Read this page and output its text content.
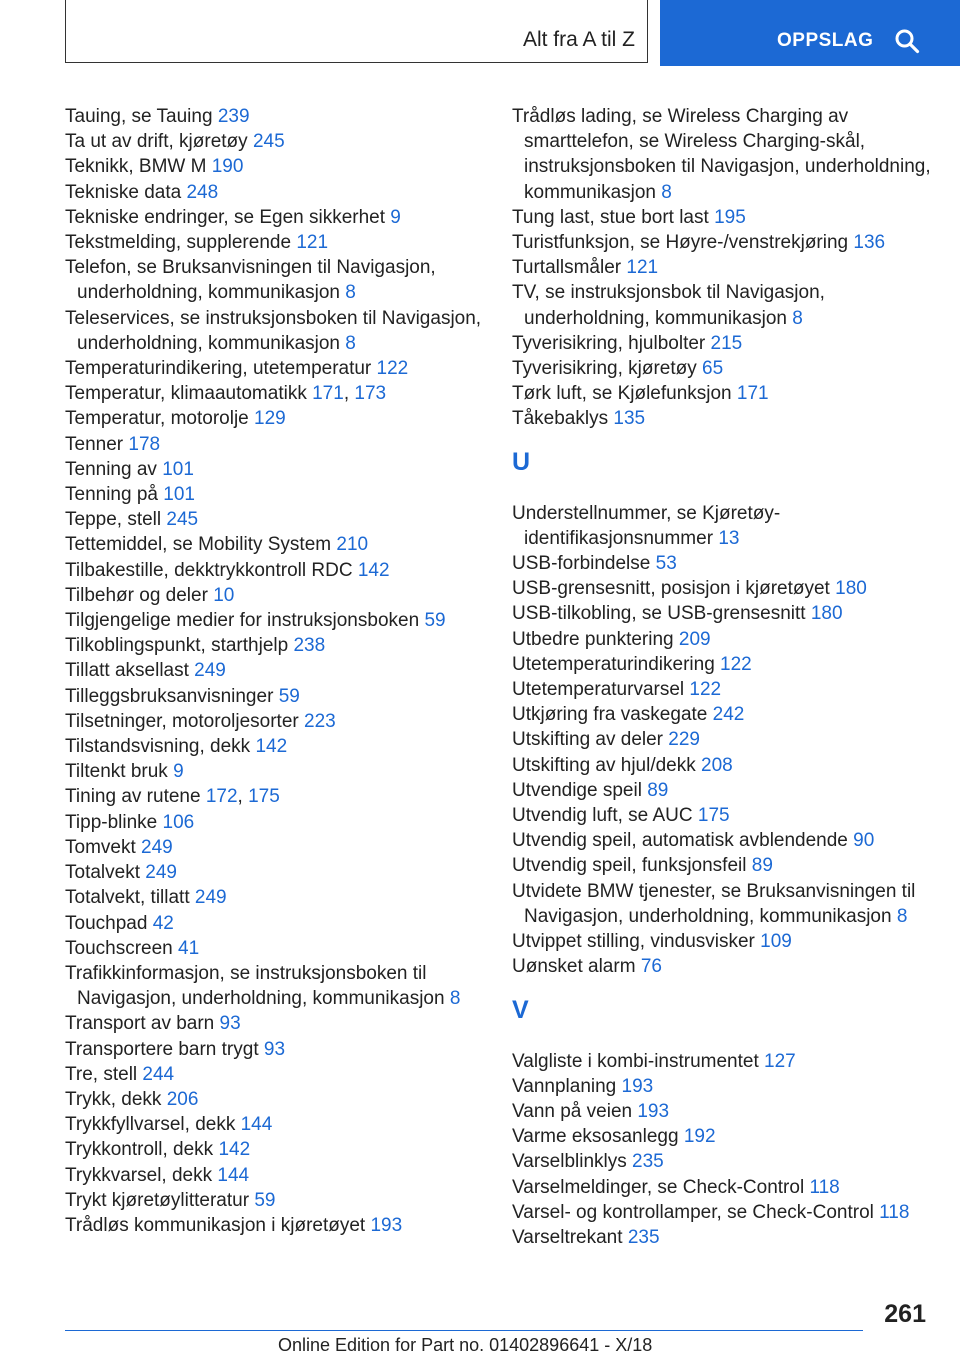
Alt fra A til Z	OPPSLAG
Tauing, se Tauing 239
Ta ut av drift, kjøretøy 245
Teknikk, BMW M 190
Tekniske data 248
Tekniske endringer, se Egen sikkerhet 9
Tekstmelding, supplerende 121
Telefon, se Bruksanvisningen til Navigasjon, underholdning, kommunikasjon 8
Teleservices, se instruksjonsboken til Navigasjon, underholdning, kommunikasjon 8
Temperaturindikering, utetemperatur 122
Temperatur, klimaautomatikk 171, 173
Temperatur, motorolje 129
Tenner 178
Tenning av 101
Tenning på 101
Teppe, stell 245
Tettemiddel, se Mobility System 210
Tilbakestille, dekktrykkontroll RDC 142
Tilbehør og deler 10
Tilgjengelige medier for instruksjonsboken 59
Tilkoblingspunkt, starthjelp 238
Tillatt aksellast 249
Tilleggsbruksanvisninger 59
Tilsetninger, motoroljesorter 223
Tilstandsvisning, dekk 142
Tiltenkt bruk 9
Tining av rutene 172, 175
Tipp-blinke 106
Tomvekt 249
Totalvekt 249
Totalvekt, tillatt 249
Touchpad 42
Touchscreen 41
Trafikkinformasjon, se instruksjonsboken til Navigasjon, underholdning, kommunikasjon 8
Transport av barn 93
Transportere barn trygt 93
Tre, stell 244
Trykk, dekk 206
Trykkfyllvarsel, dekk 144
Trykkontroll, dekk 142
Trykkvarsel, dekk 144
Trykt kjøretøylitteratur 59
Trådløs kommunikasjon i kjøretøyet 193
Trådløs lading, se Wireless Charging av smarttelefon, se Wireless Charging-skål, instruksjonsboken til Navigasjon, underholdning, kommunikasjon 8
Tung last, stue bort last 195
Turistfunksjon, se Høyre-/venstrekjøring 136
Turtallsmåler 121
TV, se instruksjonsbok til Navigasjon, underholdning, kommunikasjon 8
Tyverisikring, hjulbolter 215
Tyverisikring, kjøretøy 65
Tørk luft, se Kjølefunksjon 171
Tåkebaklys 135
U
Understellnummer, se Kjøretøy-identifikasjonsnummer 13
USB-forbindelse 53
USB-grensesnitt, posisjon i kjøretøyet 180
USB-tilkobling, se USB-grensesnitt 180
Utbedre punktering 209
Utetemperaturindikering 122
Utetemperaturvarsel 122
Utkjøring fra vaskegate 242
Utskifting av deler 229
Utskifting av hjul/dekk 208
Utvendige speil 89
Utvendig luft, se AUC 175
Utvendig speil, automatisk avblendende 90
Utvendig speil, funksjonsfeil 89
Utvidete BMW tjenester, se Bruksanvisningen til Navigasjon, underholdning, kommunikasjon 8
Utvippet stilling, vindusvisker 109
Uønsket alarm 76
V
Valgliste i kombi-instrumentet 127
Vannplaning 193
Vann på veien 193
Varme eksosanlegg 192
Varselblinklys 235
Varselmeldinger, se Check-Control 118
Varsel- og kontrollamper, se Check-Control 118
Varseltrekant 235
261
Online Edition for Part no. 01402896641 - X/18
